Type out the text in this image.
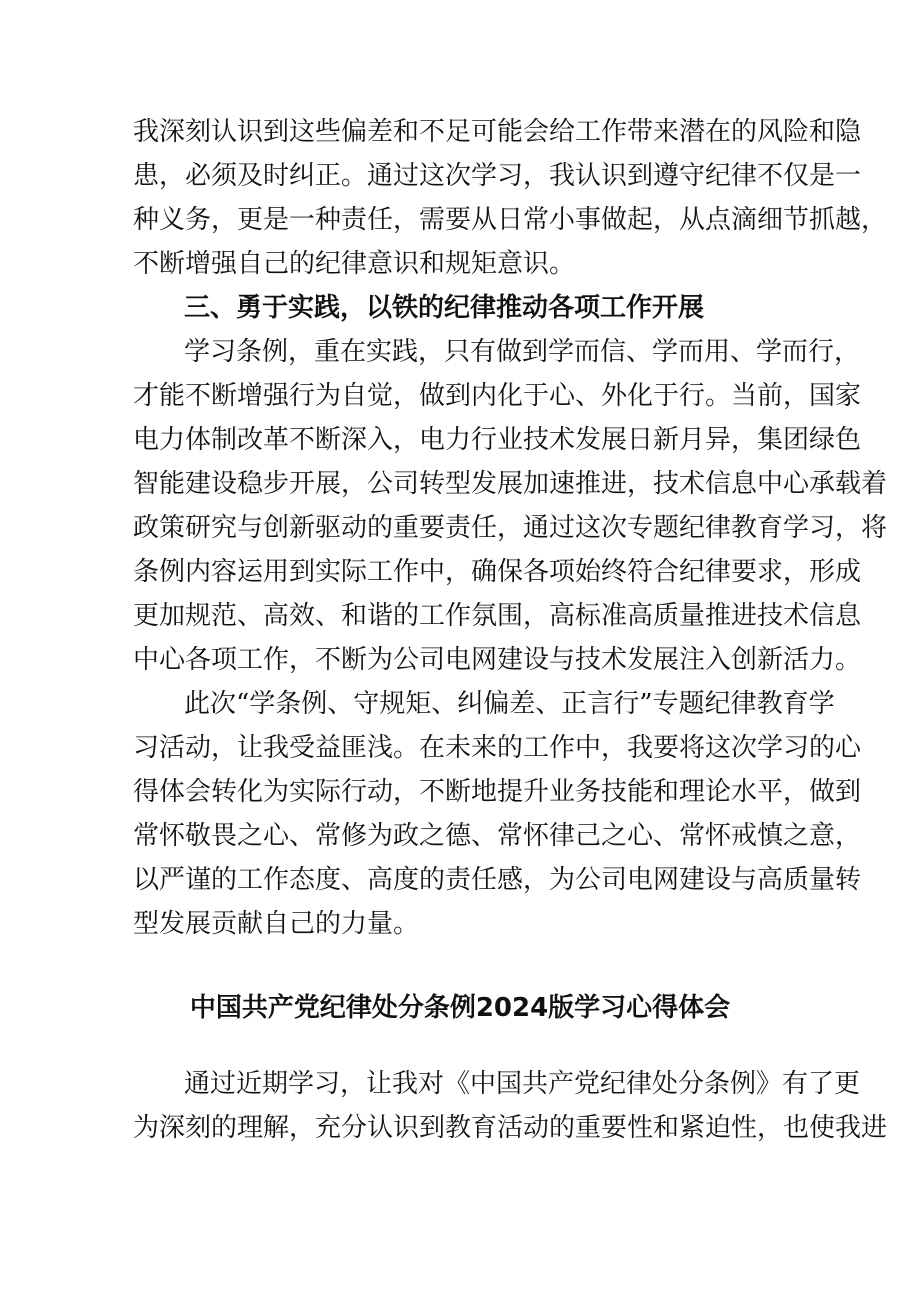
我深刻认识到这些偏差和不足可能会给工作带来潜在的风险和隐

患，必须及时纠正。通过这次学习，我认识到遵守纪律不仅是一

种义务，更是一种责任，需要从日常小事做起，从点滴细节抓越，

不断增强自己的纪律意识和规矩意识。

三、勇于实践，以铁的纪律推动各项工作开展

学习条例，重在实践，只有做到学而信、学而用、学而行，

才能不断增强行为自觉，做到内化于心、外化于行。当前，国家

电力体制改革不断深入，电力行业技术发展日新月异，集团绿色

智能建设稳步开展，公司转型发展加速推进，技术信息中心承载着

政策研究与创新驱动的重要责任，通过这次专题纪律教育学习，将

条例内容运用到实际工作中，确保各项始终符合纪律要求，形成

更加规范、高效、和谐的工作氛围，高标准高质量推进技术信息

中心各项工作，不断为公司电网建设与技术发展注入创新活力。

此次“学条例、守规矩、纠偏差、正言行”专题纪律教育学

习活动，让我受益匪浅。在未来的工作中，我要将这次学习的心

得体会转化为实际行动，不断地提升业务技能和理论水平，做到

常怀敬畏之心、常修为政之德、常怀律己之心、常怀戒慎之意，

以严谨的工作态度、高度的责任感，为公司电网建设与高质量转

型发展贡献自己的力量。

中国共产党纪律处分条例2024版学习心得体会

通过近期学习，让我对《中国共产党纪律处分条例》有了更

为深刻的理解，充分认识到教育活动的重要性和紧迫性，也使我进
